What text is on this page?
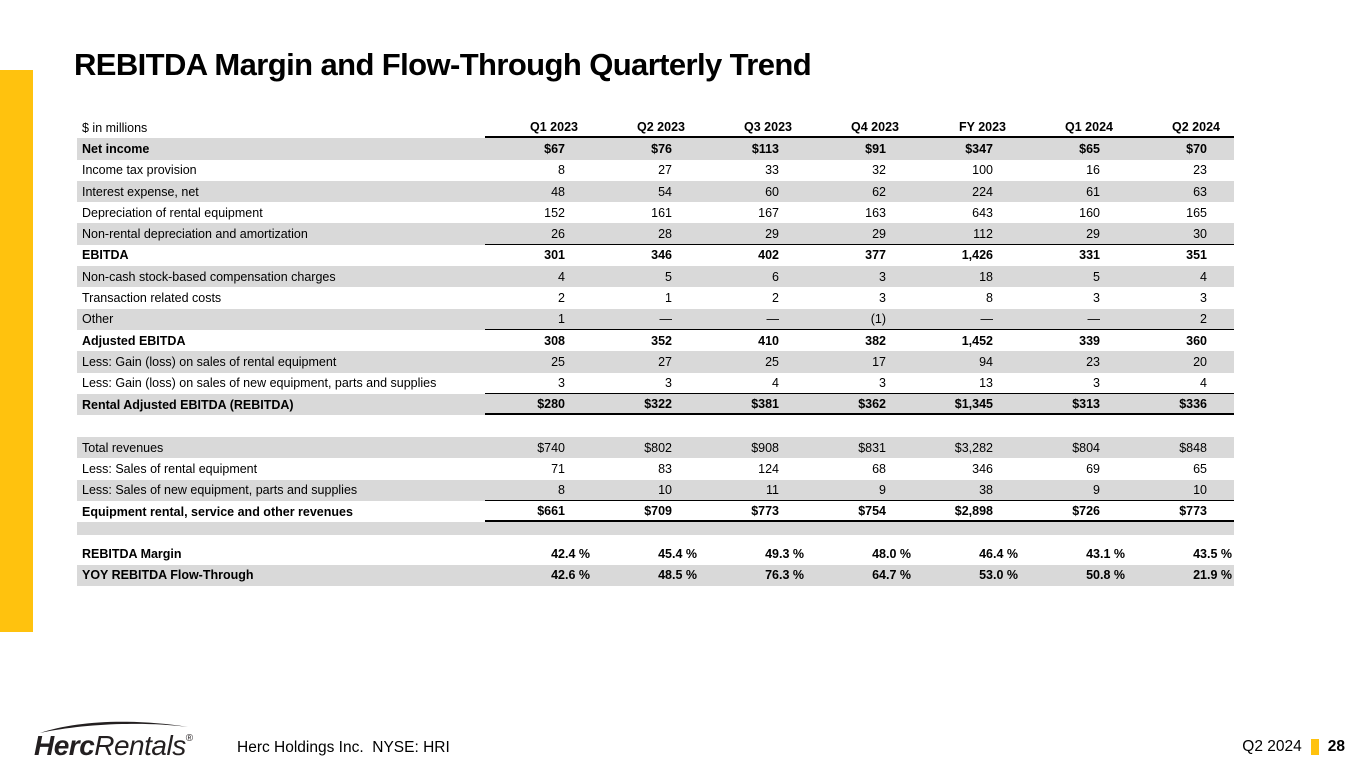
REBITDA Margin and Flow-Through Quarterly Trend
$ in millions	Q1 2023	Q2 2023	Q3 2023	Q4 2023	FY 2023	Q1 2024	Q2 2024
Net income	$67	$76	$113	$91	$347	$65	$70
Income tax provision	8	27	33	32	100	16	23
Interest expense, net	48	54	60	62	224	61	63
Depreciation of rental equipment	152	161	167	163	643	160	165
Non-rental depreciation and amortization	26	28	29	29	112	29	30
EBITDA	301	346	402	377	1,426	331	351
Non-cash stock-based compensation charges	4	5	6	3	18	5	4
Transaction related costs	2	1	2	3	8	3	3
Other	1	—	—	(1)	—	—	2
Adjusted EBITDA	308	352	410	382	1,452	339	360
Less: Gain (loss) on sales of rental equipment	25	27	25	17	94	23	20
Less: Gain (loss) on sales of new equipment, parts and supplies	3	3	4	3	13	3	4
Rental Adjusted EBITDA (REBITDA)	$280	$322	$381	$362	$1,345	$313	$336
Total revenues	$740	$802	$908	$831	$3,282	$804	$848
Less: Sales of rental equipment	71	83	124	68	346	69	65
Less: Sales of new equipment, parts and supplies	8	10	11	9	38	9	10
Equipment rental, service and other revenues	$661	$709	$773	$754	$2,898	$726	$773
REBITDA Margin	42.4 %	45.4 %	49.3 %	48.0 %	46.4 %	43.1 %	43.5 %
YOY REBITDA Flow-Through	42.6 %	48.5 %	76.3 %	64.7 %	53.0 %	50.8 %	21.9 %
HercRentals®
Herc Holdings Inc.  NYSE: HRI	Q2 2024 28
